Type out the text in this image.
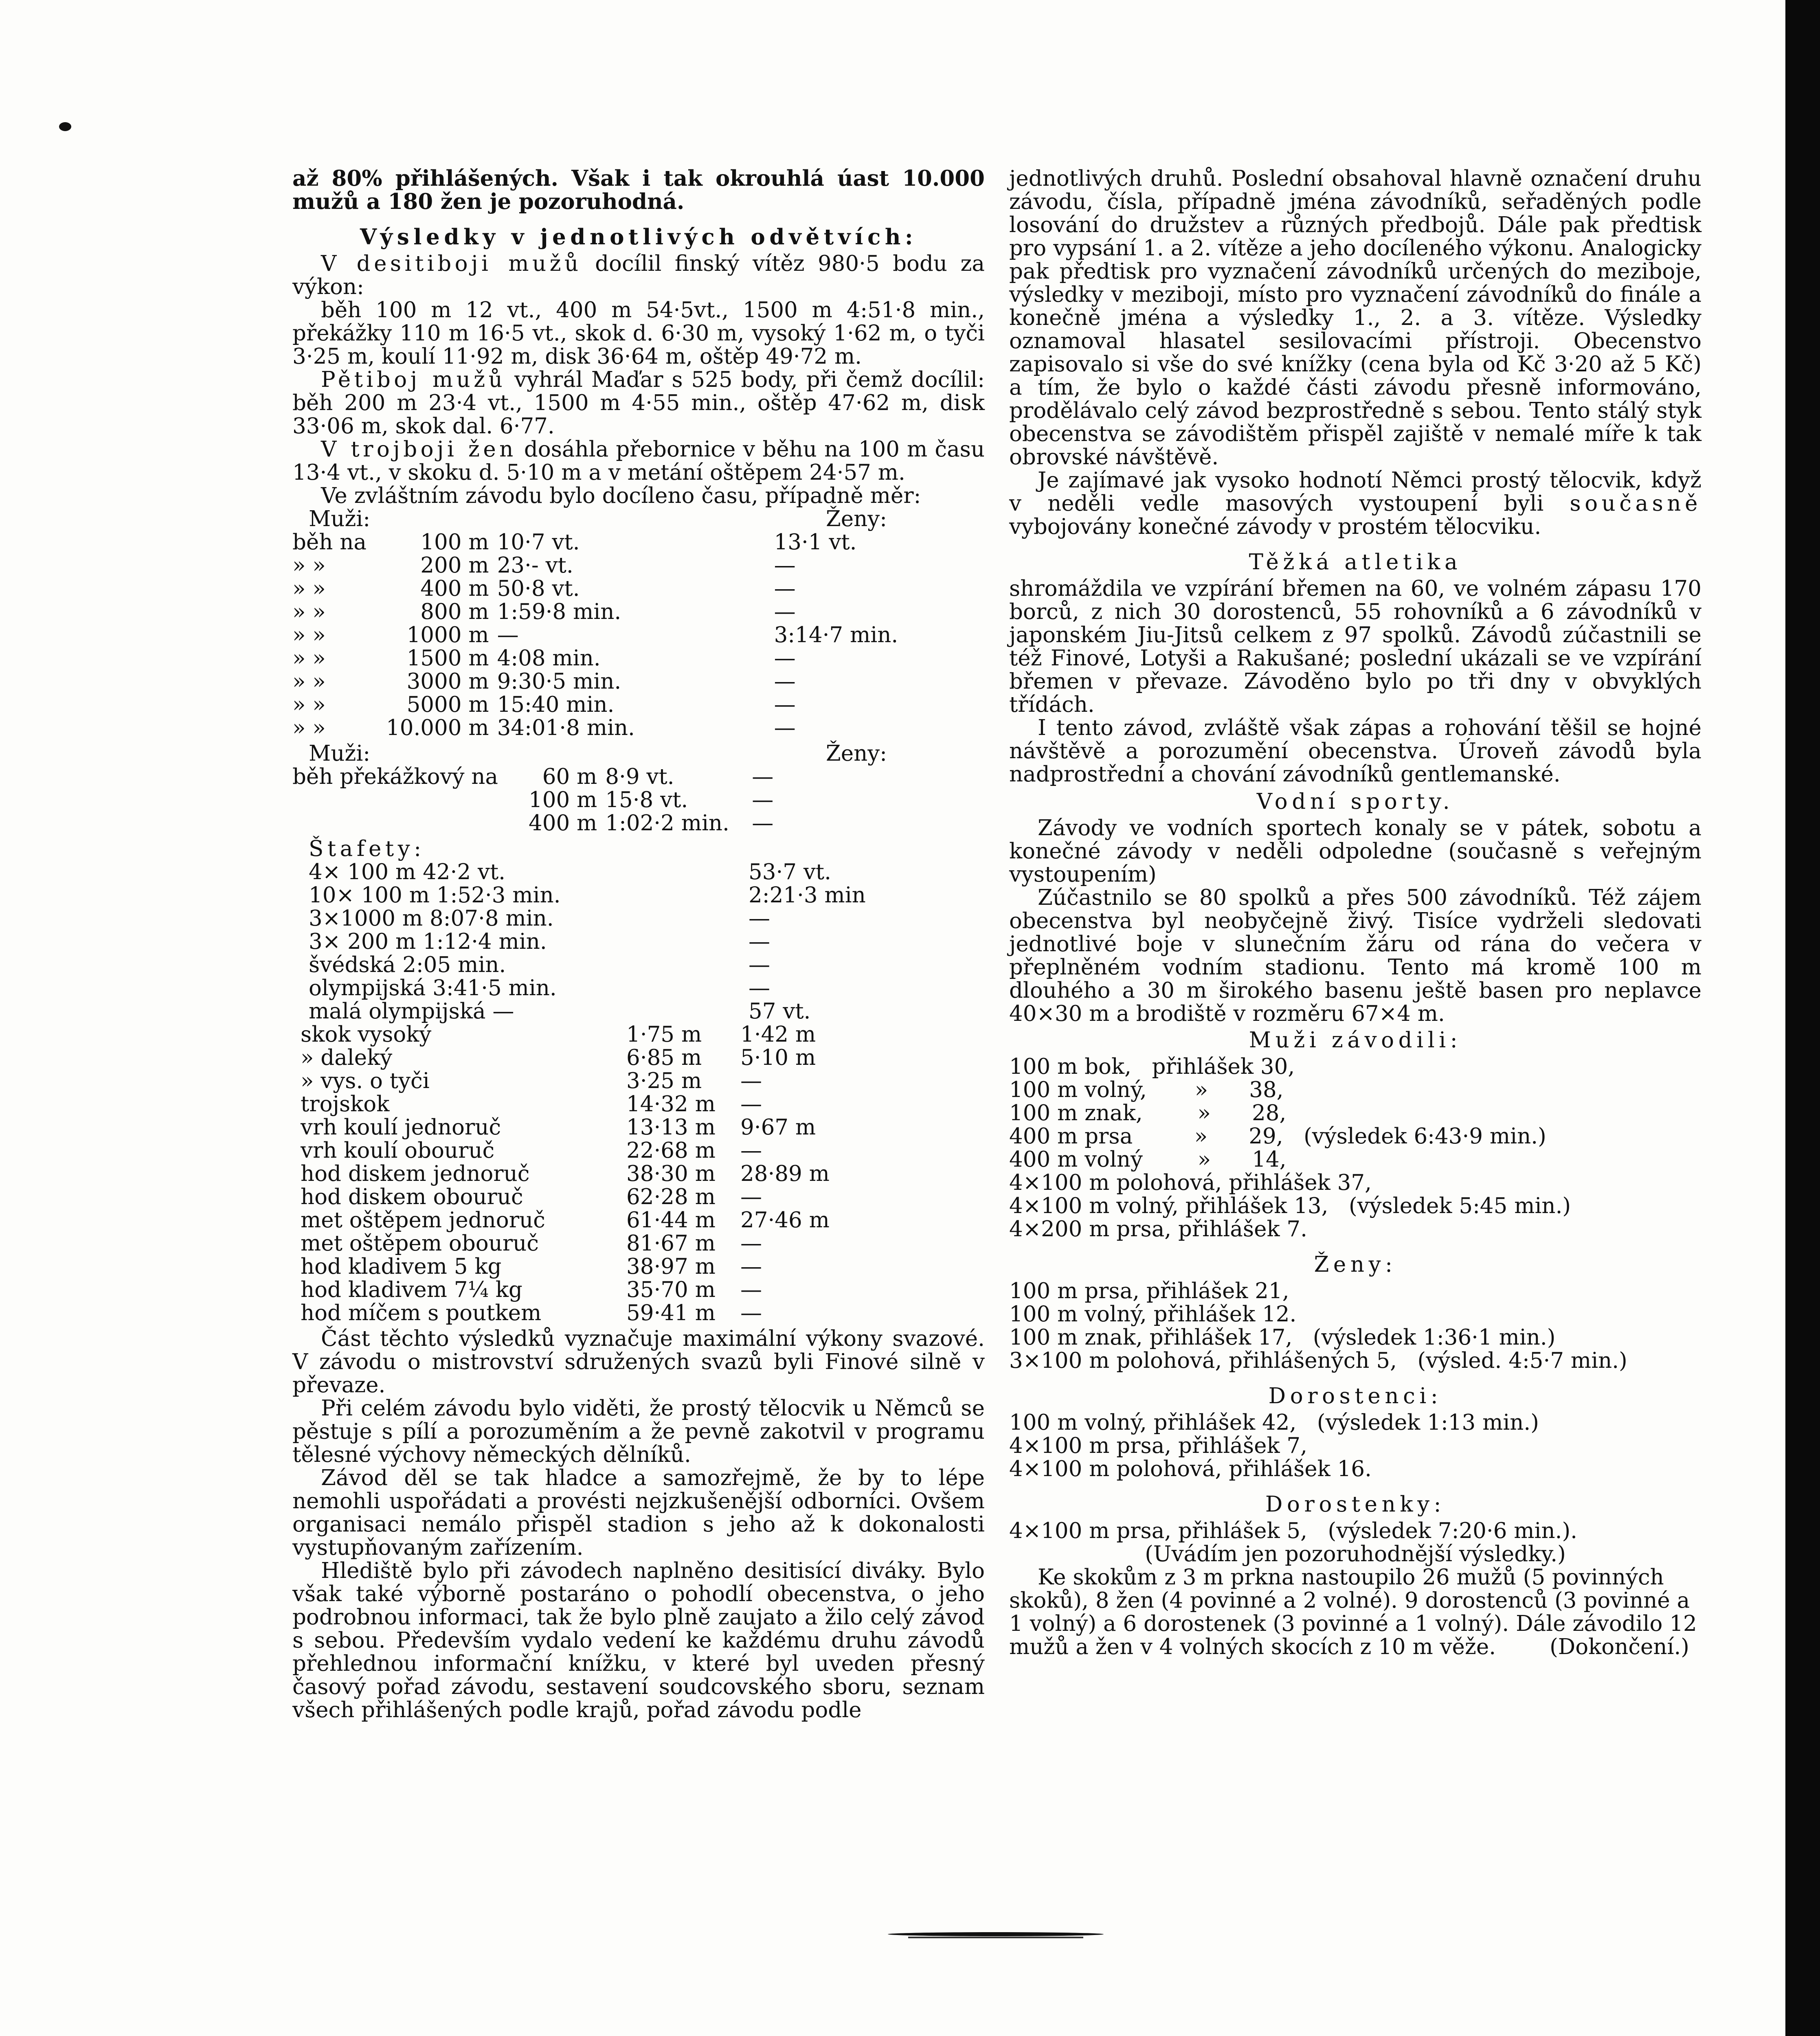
až 80% přihlášených. Však i tak okrouhlá úast 10.000 mužů a 180 žen je pozoruhodná.

Výsledky v jednotlivých odvětvích:

V desitiboji mužů docílil finský vítěz 980·5 bodu za výkon:

běh 100 m 12 vt., 400 m 54·5vt., 1500 m 4:51·8 min., překážky 110 m 16·5 vt., skok d. 6·30 m, vysoký 1·62 m, o tyči 3·25 m, koulí 11·92 m, disk 36·64 m, oštěp 49·72 m.

Pětiboj mužů vyhrál Maďar s 525 body, při čemž docílil: běh 200 m 23·4 vt., 1500 m 4·55 min., oštěp 47·62 m, disk 33·06 m, skok dal. 6·77.

V trojboji žen dosáhla přebornice v běhu na 100 m času 13·4 vt., v skoku d. 5·10 m a v metání oštěpem 24·57 m.

Ve zvláštním závodu bylo docíleno času, případně měr:

Muži:	Ženy:
běh na	100 m	10·7 vt.	13·1 vt.
» »	200 m	23·- vt.	—
» »	400 m	50·8 vt.	—
» »	800 m	1:59·8 min.	—
» »	1000 m	—	3:14·7 min.
» »	1500 m	4:08 min.	—
» »	3000 m	9:30·5 min.	—
» »	5000 m	15:40 min.	—
» »	10.000 m	34:01·8 min.	—
Muži:	Ženy:
běh překážkový na	60 m	8·9 vt.	—
	100 m	15·8 vt.	—
	400 m	1:02·2 min.	—
Štafety:
4× 100 m 42·2 vt.	53·7 vt.
10× 100 m 1:52·3 min.	2:21·3 min
3×1000 m 8:07·8 min.	—
3× 200 m 1:12·4 min.	—
švédská 2:05 min.	—
olympijská 3:41·5 min.	—
malá olympijská —	57 vt.
skok vysoký	1·75 m	1·42 m
» daleký	6·85 m	5·10 m
» vys. o tyči	3·25 m	—
trojskok	14·32 m	—
vrh koulí jednoruč	13·13 m	9·67 m
vrh koulí obouruč	22·68 m	—
hod diskem jednoruč	38·30 m	28·89 m
hod diskem obouruč	62·28 m	—
met oštěpem jednoruč	61·44 m	27·46 m
met oštěpem obouruč	81·67 m	—
hod kladivem 5 kg	38·97 m	—
hod kladivem 7¼ kg	35·70 m	—
hod míčem s poutkem	59·41 m	—

Část těchto výsledků vyznačuje maximální výkony svazové. V závodu o mistrovství sdružených svazů byli Finové silně v převaze.

Při celém závodu bylo viděti, že prostý tělocvik u Němců se pěstuje s pílí a porozuměním a že pevně zakotvil v programu tělesné výchovy německých dělníků.

Závod děl se tak hladce a samozřejmě, že by to lépe nemohli uspořádati a provésti nejzkušenější odborníci. Ovšem organisaci nemálo přispěl stadion s jeho až k dokonalosti vystupňovaným zařízením.

Hlediště bylo při závodech naplněno desitisící diváky. Bylo však také výborně postaráno o pohodlí obecenstva, o jeho podrobnou informaci, tak že bylo plně zaujato a žilo celý závod s sebou. Především vydalo vedení ke každému druhu závodů přehlednou informační knížku, v které byl uveden přesný časový pořad závodu, sestavení soudcovského sboru, seznam všech přihlášených podle krajů, pořad závodu podle

jednotlivých druhů. Poslední obsahoval hlavně označení druhu závodu, čísla, případně jména závodníků, seřaděných podle losování do družstev a různých předbojů. Dále pak předtisk pro vypsání 1. a 2. vítěze a jeho docíleného výkonu. Analogicky pak předtisk pro vyznačení závodníků určených do meziboje, výsledky v meziboji, místo pro vyznačení závodníků do finále a konečně jména a výsledky 1., 2. a 3. vítěze. Výsledky oznamoval hlasatel sesilovacími přístroji. Obecenstvo zapisovalo si vše do své knížky (cena byla od Kč 3·20 až 5 Kč) a tím, že bylo o každé části závodu přesně informováno, prodělávalo celý závod bezprostředně s sebou. Tento stálý styk obecenstva se závodištěm přispěl zajiště v nemalé míře k tak obrovské návštěvě.

Je zajímavé jak vysoko hodnotí Němci prostý tělocvik, když v neděli vedle masových vystoupení byli současně vybojovány konečné závody v prostém tělocviku.

Těžká atletika

shromáždila ve vzpírání břemen na 60, ve volném zápasu 170 borců, z nich 30 dorostenců, 55 rohovníků a 6 závodníků v japonském Jiu-Jitsů celkem z 97 spolků. Závodů zúčastnili se též Finové, Lotyši a Rakušané; poslední ukázali se ve vzpírání břemen v převaze. Závoděno bylo po tři dny v obvyklých třídách.

I tento závod, zvláště však zápas a rohování těšil se hojné návštěvě a porozumění obecenstva. Úroveň závodů byla nadprostřední a chování závodníků gentlemanské.

Vodní sporty.

Závody ve vodních sportech konaly se v pátek, sobotu a konečné závody v neděli odpoledne (současně s veřejným vystoupením)

Zúčastnilo se 80 spolků a přes 500 závodníků. Též zájem obecenstva byl neobyčejně živý. Tisíce vydrželi sledovati jednotlivé boje v slunečním žáru od rána do večera v přeplněném vodním stadionu. Tento má kromě 100 m dlouhého a 30 m širokého basenu ještě basen pro neplavce 40×30 m a brodiště v rozměru 67×4 m.

Muži závodili:
100 m bok,   přihlášek 30,
100 m volný,       »      38,
100 m znak,        »      28,
400 m prsa         »      29,   (výsledek 6:43·9 min.)
400 m volný        »      14,
4×100 m polohová, přihlášek 37,
4×100 m volný, přihlášek 13,   (výsledek 5:45 min.)
4×200 m prsa, přihlášek 7.
Ženy:
100 m prsa, přihlášek 21,
100 m volný, přihlášek 12.
100 m znak, přihlášek 17,   (výsledek 1:36·1 min.)
3×100 m polohová, přihlášených 5,   (výsled. 4:5·7 min.)
Dorostenci:
100 m volný, přihlášek 42,   (výsledek 1:13 min.)
4×100 m prsa, přihlášek 7,
4×100 m polohová, přihlášek 16.
Dorostenky:
4×100 m prsa, přihlášek 5,   (výsledek 7:20·6 min.).
(Uvádím jen pozoruhodnější výsledky.)

Ke skokům z 3 m prkna nastoupilo 26 mužů (5 povinných skoků), 8 žen (4 povinné a 2 volné). 9 dorostenců (3 povinné a 1 volný) a 6 dorostenek (3 povinné a 1 volný). Dále závodilo 12 mužů a žen v 4 volných skocích z 10 m věže.	(Dokončení.)
